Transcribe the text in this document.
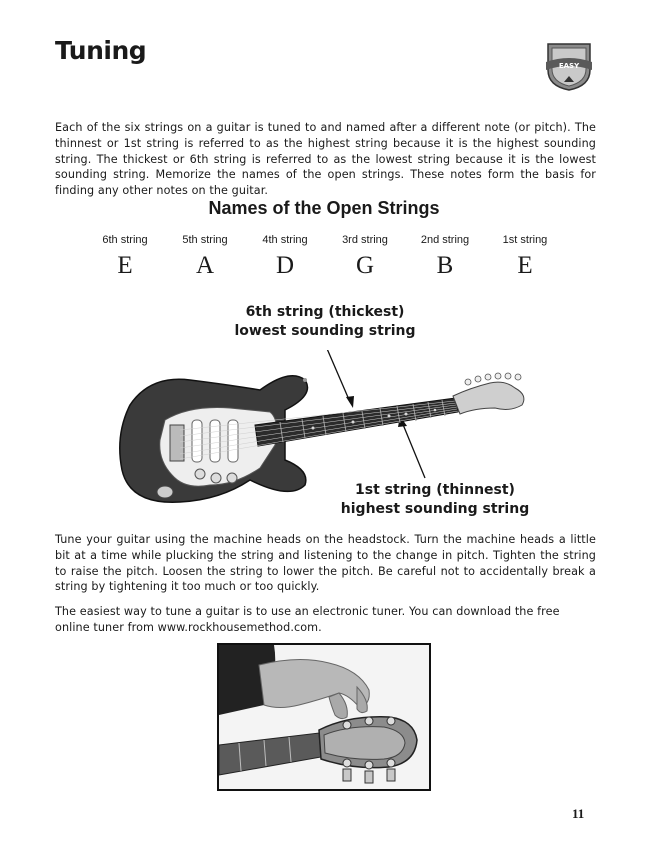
Tuning
EASY

Each of the six strings on a guitar is tuned to and named after a different note (or pitch). The thinnest or 1st string is referred to as the highest string because it is the highest sounding string. The thickest or 6th string is referred to as the lowest string because it is the lowest sounding string. Memorize the names of the open strings. These notes form the basis for finding any other notes on the guitar.

Names of the Open Strings
6th string
E
5th string
A
4th string
D
3rd string
G
2nd string
B
1st string
E

6th string (thickest)
lowest sounding string

1st string (thinnest)
highest sounding string

Tune your guitar using the machine heads on the headstock. Turn the machine heads a little bit at a time while plucking the string and listening to the change in pitch. Tighten the string to raise the pitch. Loosen the string to lower the pitch. Be careful not to accidentally break a string by tightening it too much or too quickly.

The easiest way to tune a guitar is to use an electronic tuner. You can download the free online tuner from www.rockhousemethod.com.

11
